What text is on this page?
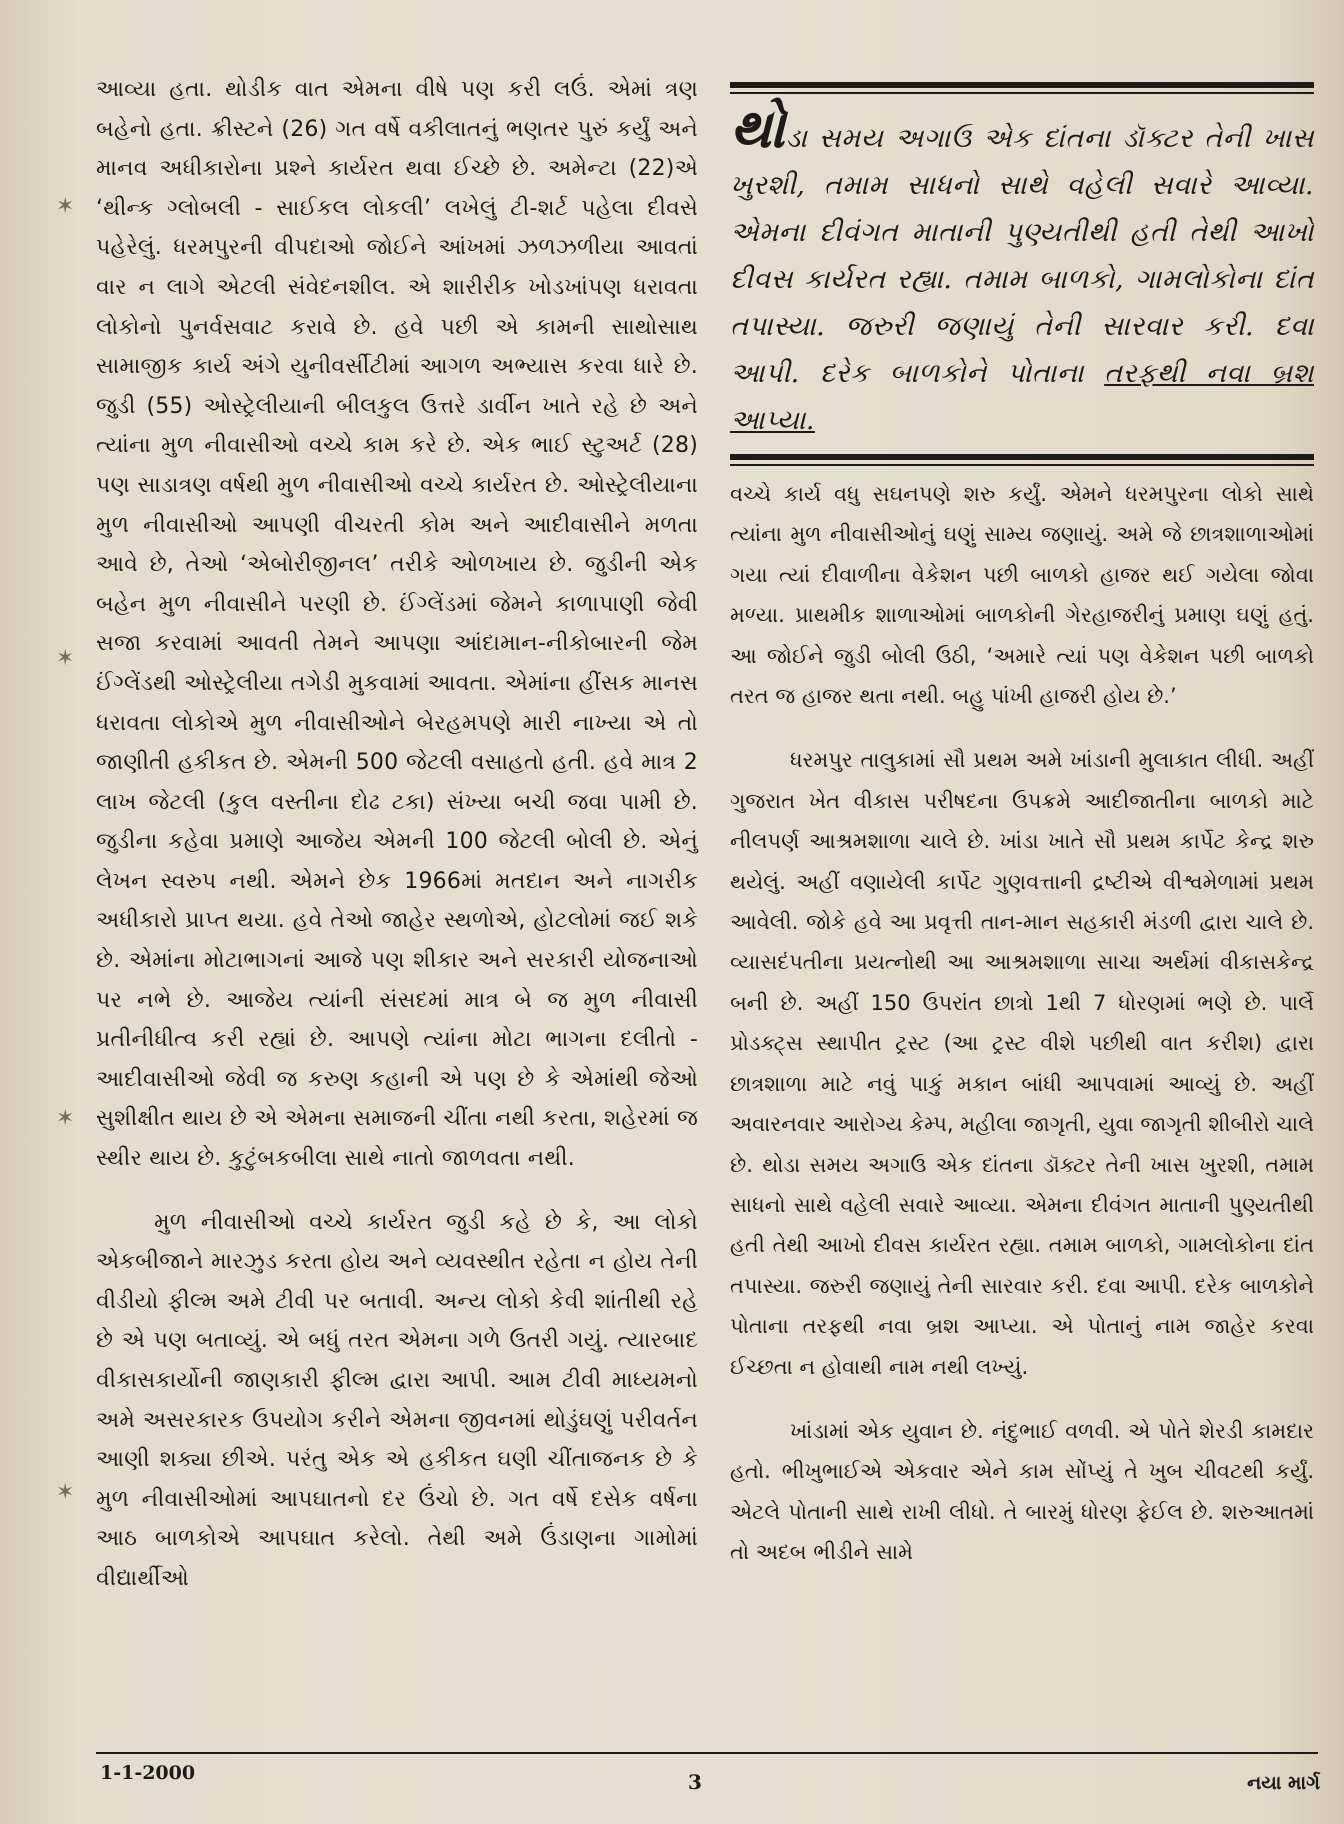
✶
✶
✶
✶

આવ્યા હતા. થોડીક વાત એમના વીષે પણ કરી લઉં. એમાં ત્રણ બહેનો હતા. ક્રીસ્ટને (26) ગત વર્ષે વકીલાતનું ભણતર પુરું કર્યું અને માનવ અધીકારોના પ્રશ્ને કાર્યરત થવા ઈચ્છે છે. અમેન્ટા (22)એ ‘થીન્ક ગ્લોબલી - સાઈકલ લોકલી’ લખેલું ટી-શર્ટ પહેલા દીવસે પહેરેલું. ધરમપુરની વીપદાઓ જોઈને આંખમાં ઝળઝળીયા આવતાં વાર ન લાગે એટલી સંવેદનશીલ. એ શારીરીક ખોડખાંપણ ધરાવતા લોકોનો પુનર્વસવાટ કરાવે છે. હવે પછી એ કામની સાથોસાથ સામાજીક કાર્ય અંગે યુનીવર્સીટીમાં આગળ અભ્યાસ કરવા ધારે છે. જુડી (55) ઓસ્ટ્રેલીયાની બીલકુલ ઉત્તરે ડાર્વીન ખાતે રહે છે અને ત્યાંના મુળ નીવાસીઓ વચ્ચે કામ કરે છે. એક ભાઈ સ્ટુઅર્ટ (28) પણ સાડાત્રણ વર્ષથી મુળ નીવાસીઓ વચ્ચે કાર્યરત છે. ઓસ્ટ્રેલીયાના મુળ નીવાસીઓ આપણી વીચરતી કોમ અને આદીવાસીને મળતા આવે છે, તેઓ ‘એબોરીજીનલ’ તરીકે ઓળખાય છે. જુડીની એક બહેન મુળ નીવાસીને પરણી છે. ઈંગ્લેંડમાં જેમને કાળાપાણી જેવી સજા કરવામાં આવતી તેમને આપણા આંદામાન-નીકોબારની જેમ ઈંગ્લેંડથી ઓસ્ટ્રેલીયા તગેડી મુકવામાં આવતા. એમાંના હીંસક માનસ ધરાવતા લોકોએ મુળ નીવાસીઓને બેરહમપણે મારી નાખ્યા એ તો જાણીતી હકીકત છે. એમની 500 જેટલી વસાહતો હતી. હવે માત્ર 2 લાખ જેટલી (કુલ વસ્તીના દોઢ ટકા) સંખ્યા બચી જવા પામી છે. જુડીના કહેવા પ્રમાણે આજેય એમની 100 જેટલી બોલી છે. એનું લેખન સ્વરુપ નથી. એમને છેક 1966માં મતદાન અને નાગરીક અધીકારો પ્રાપ્ત થયા. હવે તેઓ જાહેર સ્થળોએ, હોટલોમાં જઈ શકે છે. એમાંના મોટાભાગનાં આજે પણ શીકાર અને સરકારી યોજનાઓ પર નભે છે. આજેય ત્યાંની સંસદમાં માત્ર બે જ મુળ નીવાસી પ્રતીનીધીત્વ કરી રહ્યાં છે. આપણે ત્યાંના મોટા ભાગના દલીતો - આદીવાસીઓ જેવી જ કરુણ કહાની એ પણ છે કે એમાંથી જેઓ સુશીક્ષીત થાય છે એ એમના સમાજની ચીંતા નથી કરતા, શહેરમાં જ સ્થીર થાય છે. કુટુંબકબીલા સાથે નાતો જાળવતા નથી.

મુળ નીવાસીઓ વચ્ચે કાર્યરત જુડી કહે છે કે, આ લોકો એકબીજાને મારઝુડ કરતા હોય અને વ્યવસ્થીત રહેતા ન હોય તેની વીડીયો ફીલ્મ અમે ટીવી પર બતાવી. અન્ય લોકો કેવી શાંતીથી રહે છે એ પણ બતાવ્યું. એ બધું તરત એમના ગળે ઉતરી ગયું. ત્યારબાદ વીકાસકાર્યોની જાણકારી ફીલ્મ દ્વારા આપી. આમ ટીવી માધ્યમનો અમે અસરકારક ઉપયોગ કરીને એમના જીવનમાં થોડુંઘણું પરીવર્તન આણી શક્યા છીએ. પરંતુ એક એ હકીકત ઘણી ચીંતાજનક છે કે મુળ નીવાસીઓમાં આપઘાતનો દર ઉંચો છે. ગત વર્ષે દસેક વર્ષના આઠ બાળકોએ આપઘાત કરેલો. તેથી અમે ઉંડાણના ગામોમાં વીદ્યાર્થીઓ

થોડા સમય અગાઉ એક દાંતના ડૉક્ટર તેની ખાસ ખુરશી, તમામ સાધનો સાથે વહેલી સવારે આવ્યા. એમના દીવંગત માતાની પુણ્યતીથી હતી તેથી આખો દીવસ કાર્યરત રહ્યા. તમામ બાળકો, ગામલોકોના દાંત તપાસ્યા. જરુરી જણાયું તેની સારવાર કરી. દવા આપી. દરેક બાળકોને પોતાના તરફથી નવા બ્રશ આપ્યા.

વચ્ચે કાર્ય વધુ સઘનપણે શરુ કર્યું. એમને ધરમપુરના લોકો સાથે ત્યાંના મુળ નીવાસીઓનું ઘણું સામ્ય જણાયું. અમે જે છાત્રશાળાઓમાં ગયા ત્યાં દીવાળીના વેકેશન પછી બાળકો હાજર થઈ ગયેલા જોવા મળ્યા. પ્રાથમીક શાળાઓમાં બાળકોની ગેરહાજરીનું પ્રમાણ ઘણું હતું. આ જોઈને જુડી બોલી ઉઠી, ‘અમારે ત્યાં પણ વેકેશન પછી બાળકો તરત જ હાજર થતા નથી. બહુ પાંખી હાજરી હોય છે.’

ધરમપુર તાલુકામાં સૌ પ્રથમ અમે ખાંડાની મુલાકાત લીધી. અહીં ગુજરાત ખેત વીકાસ પરીષદના ઉપક્રમે આદીજાતીના બાળકો માટે નીલપર્ણ આશ્રમશાળા ચાલે છે. ખાંડા ખાતે સૌ પ્રથમ કાર્પેટ કેન્દ્ર શરુ થયેલું. અહીં વણાયેલી કાર્પેટ ગુણવત્તાની દ્રષ્ટીએ વીશ્વમેળામાં પ્રથમ આવેલી. જોકે હવે આ પ્રવૃત્તી તાન-માન સહકારી મંડળી દ્વારા ચાલે છે. વ્યાસદંપતીના પ્રયત્નોથી આ આશ્રમશાળા સાચા અર્થમાં વીકાસકેન્દ્ર બની છે. અહીં 150 ઉપરાંત છાત્રો 1થી 7 ધોરણમાં ભણે છે. પાર્લે પ્રોડક્ટ્સ સ્થાપીત ટ્રસ્ટ (આ ટ્રસ્ટ વીશે પછીથી વાત કરીશ) દ્વારા છાત્રશાળા માટે નવું પાકું મકાન બાંધી આપવામાં આવ્યું છે. અહીં અવારનવાર આરોગ્ય કેમ્પ, મહીલા જાગૃતી, યુવા જાગૃતી શીબીરો ચાલે છે. થોડા સમય અગાઉ એક દાંતના ડૉક્ટર તેની ખાસ ખુરશી, તમામ સાધનો સાથે વહેલી સવારે આવ્યા. એમના દીવંગત માતાની પુણ્યતીથી હતી તેથી આખો દીવસ કાર્યરત રહ્યા. તમામ બાળકો, ગામલોકોના દાંત તપાસ્યા. જરુરી જણાયું તેની સારવાર કરી. દવા આપી. દરેક બાળકોને પોતાના તરફથી નવા બ્રશ આપ્યા. એ પોતાનું નામ જાહેર કરવા ઈચ્છતા ન હોવાથી નામ નથી લખ્યું.

ખાંડામાં એક યુવાન છે. નંદુભાઈ વળવી. એ પોતે શેરડી કામદાર હતો. ભીખુભાઈએ એકવાર એને કામ સોંપ્યું તે ખુબ ચીવટથી કર્યું. એટલે પોતાની સાથે રાખી લીધો. તે બારમું ધોરણ ફેઈલ છે. શરુઆતમાં તો અદબ ભીડીને સામે

1-1-2000	3	નયા માર્ગ
